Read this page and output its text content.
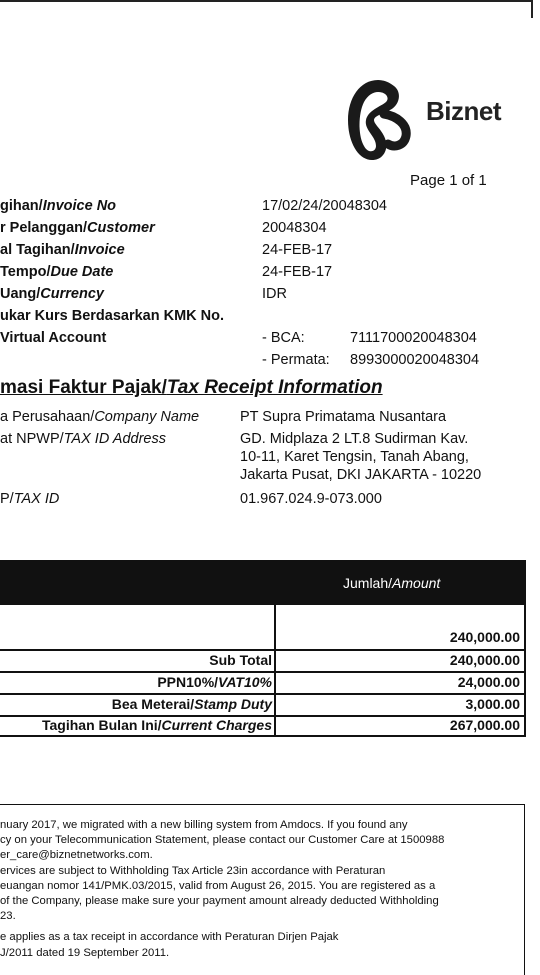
Biznet
Page 1 of 1
gihan/Invoice No	17/02/24/20048304
r Pelanggan/Customer	20048304
al Tagihan/Invoice	24-FEB-17
Tempo/Due Date	24-FEB-17
Uang/Currency	IDR
ukar Kurs Berdasarkan KMK No.
Virtual Account	- BCA:	7111700020048304
- Permata: 8993000020048304
masi Faktur Pajak/Tax Receipt Information
a Perusahaan/Company Name	PT Supra Primatama Nusantara
at NPWP/TAX ID Address	GD. Midplaza 2 LT.8 Sudirman Kav.
10-11, Karet Tengsin, Tanah Abang,
Jakarta Pusat, DKI JAKARTA - 10220
P/TAX ID	01.967.024.9-073.000
Jumlah/Amount
240,000.00
Sub Total	240,000.00
PPN10%/VAT10%	24,000.00
Bea Meterai/Stamp Duty	3,000.00
Tagihan Bulan Ini/Current Charges	267,000.00
nuary 2017, we migrated with a new billing system from Amdocs. If you found any
cy on your Telecommunication Statement, please contact our Customer Care at 1500988
er_care@biznetnetworks.com.
ervices are subject to Withholding Tax Article 23in accordance with Peraturan
euangan nomor 141/PMK.03/2015, valid from August 26, 2015. You are registered as a
of the Company, please make sure your payment amount already deducted Withholding
23.
e applies as a tax receipt in accordance with Peraturan Dirjen Pajak
J/2011 dated 19 September 2011.
